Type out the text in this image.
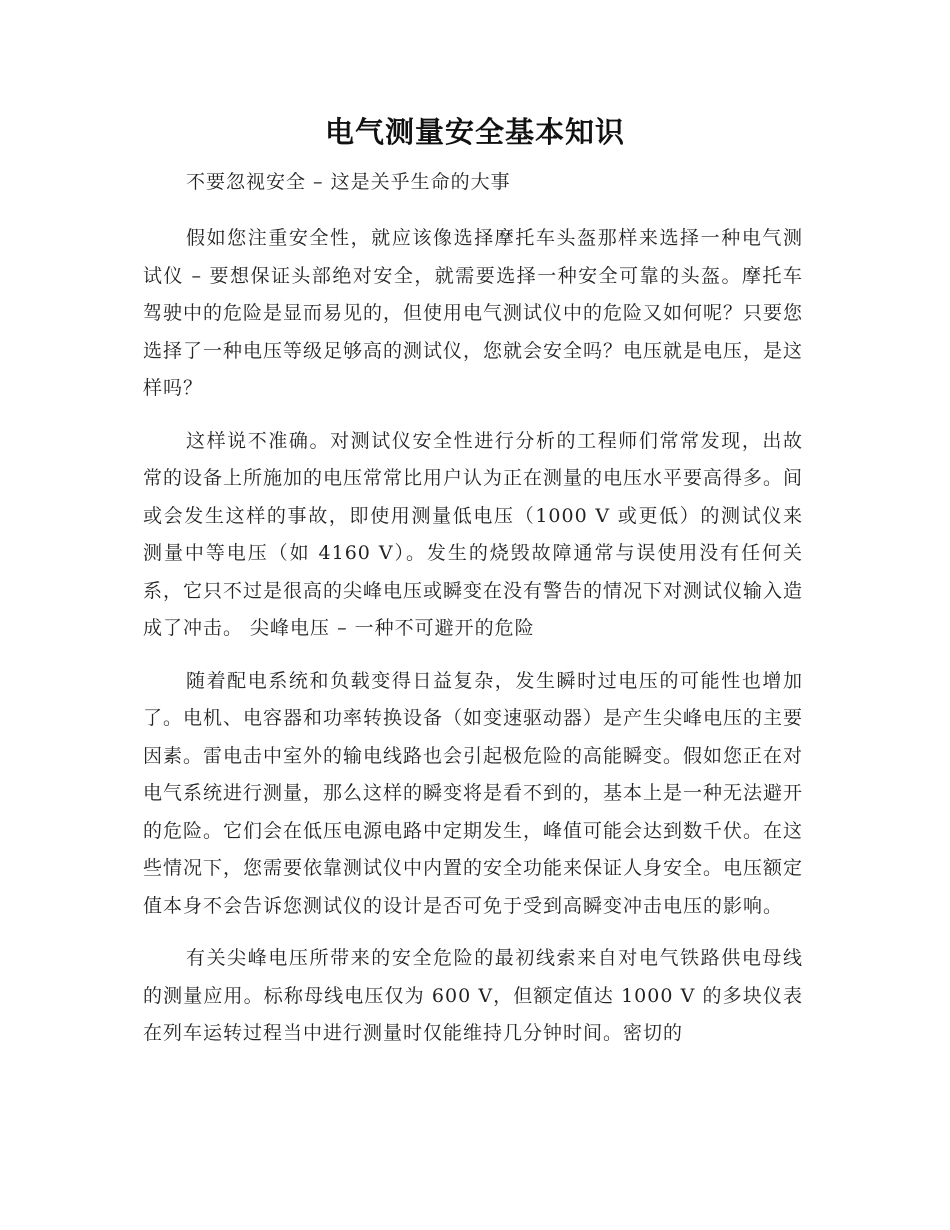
电气测量安全基本知识

不要忽视安全 – 这是关乎生命的大事

假如您注重安全性，就应该像选择摩托车头盔那样来选择一种电气测试仪 – 要想保证头部绝对安全，就需要选择一种安全可靠的头盔。摩托车驾驶中的危险是显而易见的，但使用电气测试仪中的危险又如何呢？只要您选择了一种电压等级足够高的测试仪，您就会安全吗？电压就是电压，是这样吗？

这样说不准确。对测试仪安全性进行分析的工程师们常常发现，出故常的设备上所施加的电压常常比用户认为正在测量的电压水平要高得多。间或会发生这样的事故，即使用测量低电压（1000 V 或更低）的测试仪来测量中等电压（如 4160 V）。发生的烧毁故障通常与误使用没有任何关系，它只不过是很高的尖峰电压或瞬变在没有警告的情况下对测试仪输入造成了冲击。 尖峰电压 – 一种不可避开的危险

随着配电系统和负载变得日益复杂，发生瞬时过电压的可能性也增加了。电机、电容器和功率转换设备（如变速驱动器）是产生尖峰电压的主要因素。雷电击中室外的输电线路也会引起极危险的高能瞬变。假如您正在对电气系统进行测量，那么这样的瞬变将是看不到的，基本上是一种无法避开的危险。它们会在低压电源电路中定期发生，峰值可能会达到数千伏。在这些情况下，您需要依靠测试仪中内置的安全功能来保证人身安全。电压额定值本身不会告诉您测试仪的设计是否可免于受到高瞬变冲击电压的影响。

有关尖峰电压所带来的安全危险的最初线索来自对电气铁路供电母线的测量应用。标称母线电压仅为 600 V，但额定值达 1000 V 的多块仪表在列车运转过程当中进行测量时仅能维持几分钟时间。密切的
